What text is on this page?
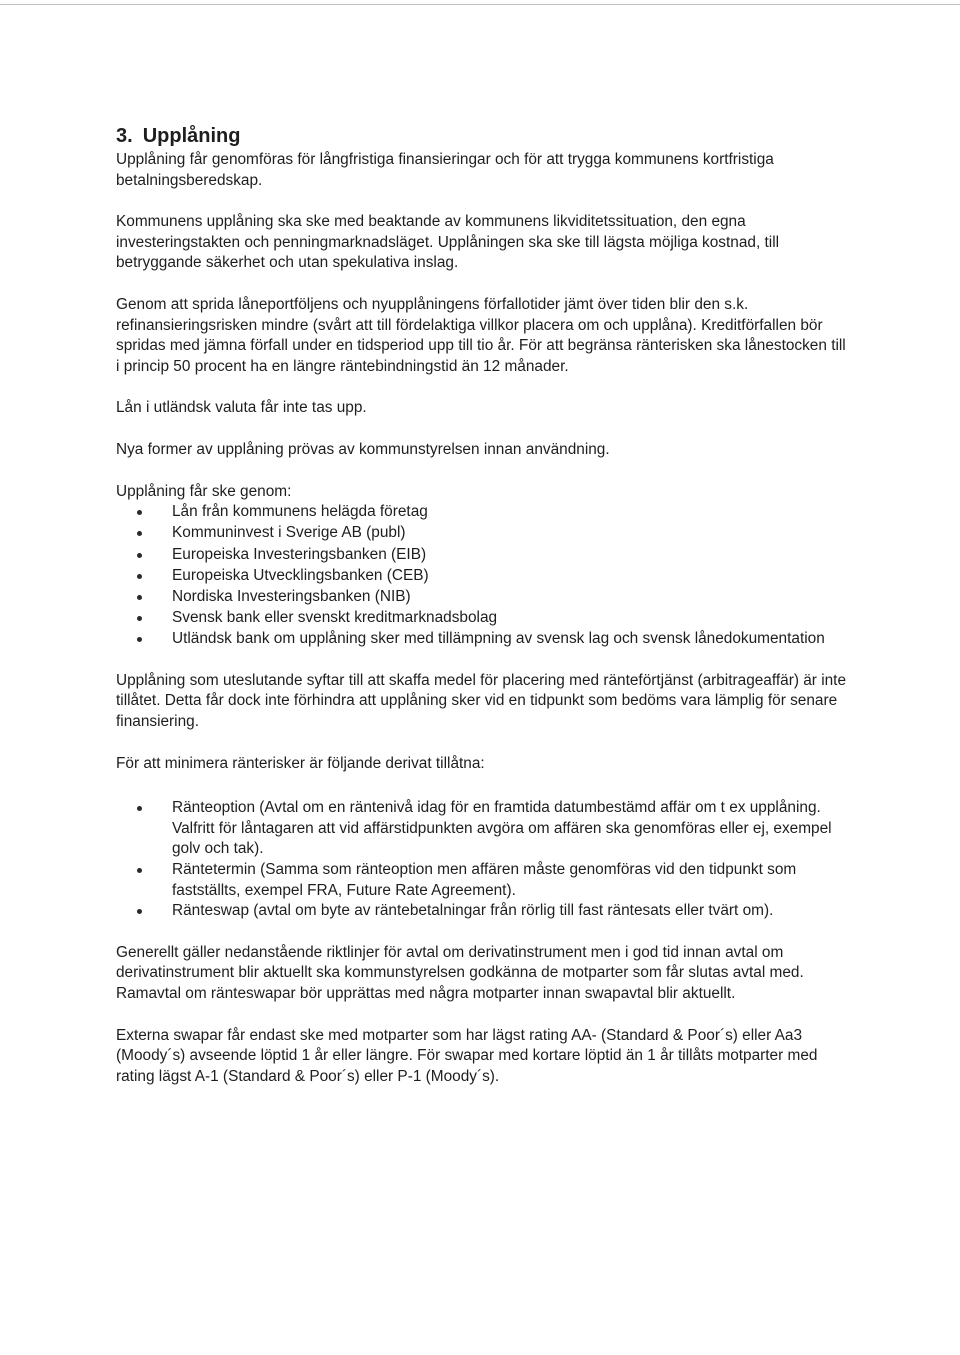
3. Upplåning

Upplåning får genomföras för långfristiga finansieringar och för att trygga kommunens kortfristiga betalningsberedskap.

Kommunens upplåning ska ske med beaktande av kommunens likviditetssituation, den egna investeringstakten och penningmarknadsläget. Upplåningen ska ske till lägsta möjliga kostnad, till betryggande säkerhet och utan spekulativa inslag.

Genom att sprida låneportföljens och nyupplåningens förfallotider jämt över tiden blir den s.k. refinansieringsrisken mindre (svårt att till fördelaktiga villkor placera om och upplåna). Kreditförfallen bör spridas med jämna förfall under en tidsperiod upp till tio år. För att begränsa ränterisken ska lånestocken till i princip 50 procent ha en längre räntebindningstid än 12 månader.

Lån i utländsk valuta får inte tas upp.

Nya former av upplåning prövas av kommunstyrelsen innan användning.

Upplåning får ske genom:

Lån från kommunens helägda företag
Kommuninvest i Sverige AB (publ)
Europeiska Investeringsbanken (EIB)
Europeiska Utvecklingsbanken (CEB)
Nordiska Investeringsbanken (NIB)
Svensk bank eller svenskt kreditmarknadsbolag
Utländsk bank om upplåning sker med tillämpning av svensk lag och svensk lånedokumentation

Upplåning som uteslutande syftar till att skaffa medel för placering med ränteförtjänst (arbitrageaffär) är inte tillåtet. Detta får dock inte förhindra att upplåning sker vid en tidpunkt som bedöms vara lämplig för senare finansiering.

För att minimera ränterisker är följande derivat tillåtna:

Ränteoption (Avtal om en räntenivå idag för en framtida datumbestämd affär om t ex upplåning. Valfritt för låntagaren att vid affärstidpunkten avgöra om affären ska genomföras eller ej, exempel golv och tak).
Räntetermin (Samma som ränteoption men affären måste genomföras vid den tidpunkt som fastställts, exempel FRA, Future Rate Agreement).
Ränteswap (avtal om byte av räntebetalningar från rörlig till fast räntesats eller tvärt om).

Generellt gäller nedanstående riktlinjer för avtal om derivatinstrument men i god tid innan avtal om derivatinstrument blir aktuellt ska kommunstyrelsen godkänna de motparter som får slutas avtal med. Ramavtal om ränteswapar bör upprättas med några motparter innan swapavtal blir aktuellt.

Externa swapar får endast ske med motparter som har lägst rating AA- (Standard & Poor´s) eller Aa3 (Moody´s) avseende löptid 1 år eller längre. För swapar med kortare löptid än 1 år tillåts motparter med rating lägst A-1 (Standard & Poor´s) eller P-1 (Moody´s).
